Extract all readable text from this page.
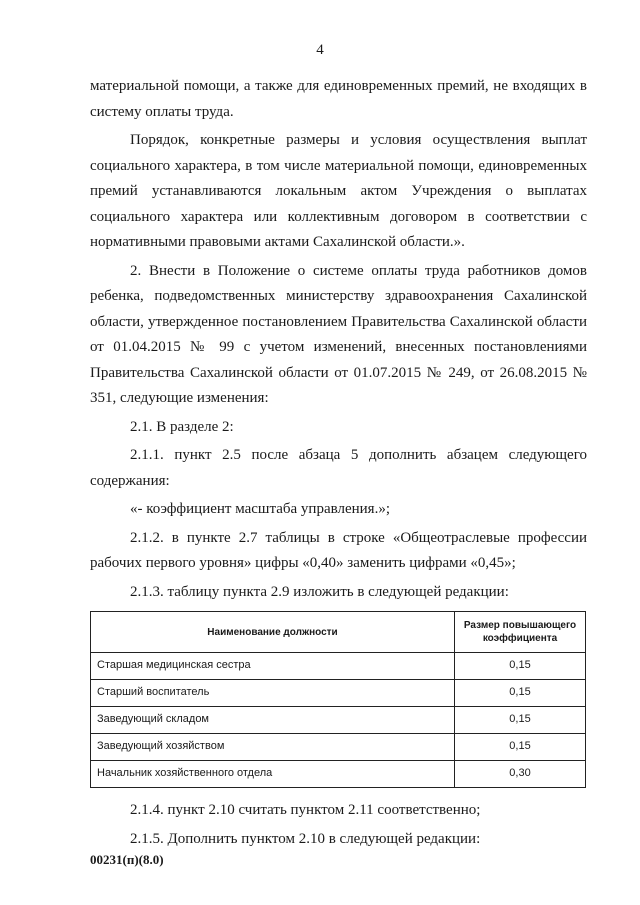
4

материальной помощи, а также для единовременных премий, не входящих в систему оплаты труда.

Порядок, конкретные размеры и условия осуществления выплат социального характера, в том числе материальной помощи, единовременных премий устанавливаются локальным актом Учреждения о выплатах социального характера или коллективным договором в соответствии с нормативными правовыми актами Сахалинской области.».

2. Внести в Положение о системе оплаты труда работников домов ребенка, подведомственных министерству здравоохранения Сахалинской области, утвержденное постановлением Правительства Сахалинской области от 01.04.2015 № 99 с учетом изменений, внесенных постановлениями Правительства Сахалинской области от 01.07.2015 № 249, от 26.08.2015 № 351, следующие изменения:

2.1. В разделе 2:

2.1.1. пункт 2.5 после абзаца 5 дополнить абзацем следующего содержания:

«- коэффициент масштаба управления.»;

2.1.2. в пункте 2.7 таблицы в строке «Общеотраслевые профессии рабочих первого уровня» цифры «0,40» заменить цифрами «0,45»;

2.1.3. таблицу пункта 2.9 изложить в следующей редакции:

Наименование должности	Размер повышающего коэффициента
Старшая медицинская сестра	0,15
Старший воспитатель	0,15
Заведующий складом	0,15
Заведующий хозяйством	0,15
Начальник хозяйственного отдела	0,30

2.1.4. пункт 2.10 считать пунктом 2.11 соответственно;

2.1.5. Дополнить пунктом 2.10 в следующей редакции:

00231(п)(8.0)
